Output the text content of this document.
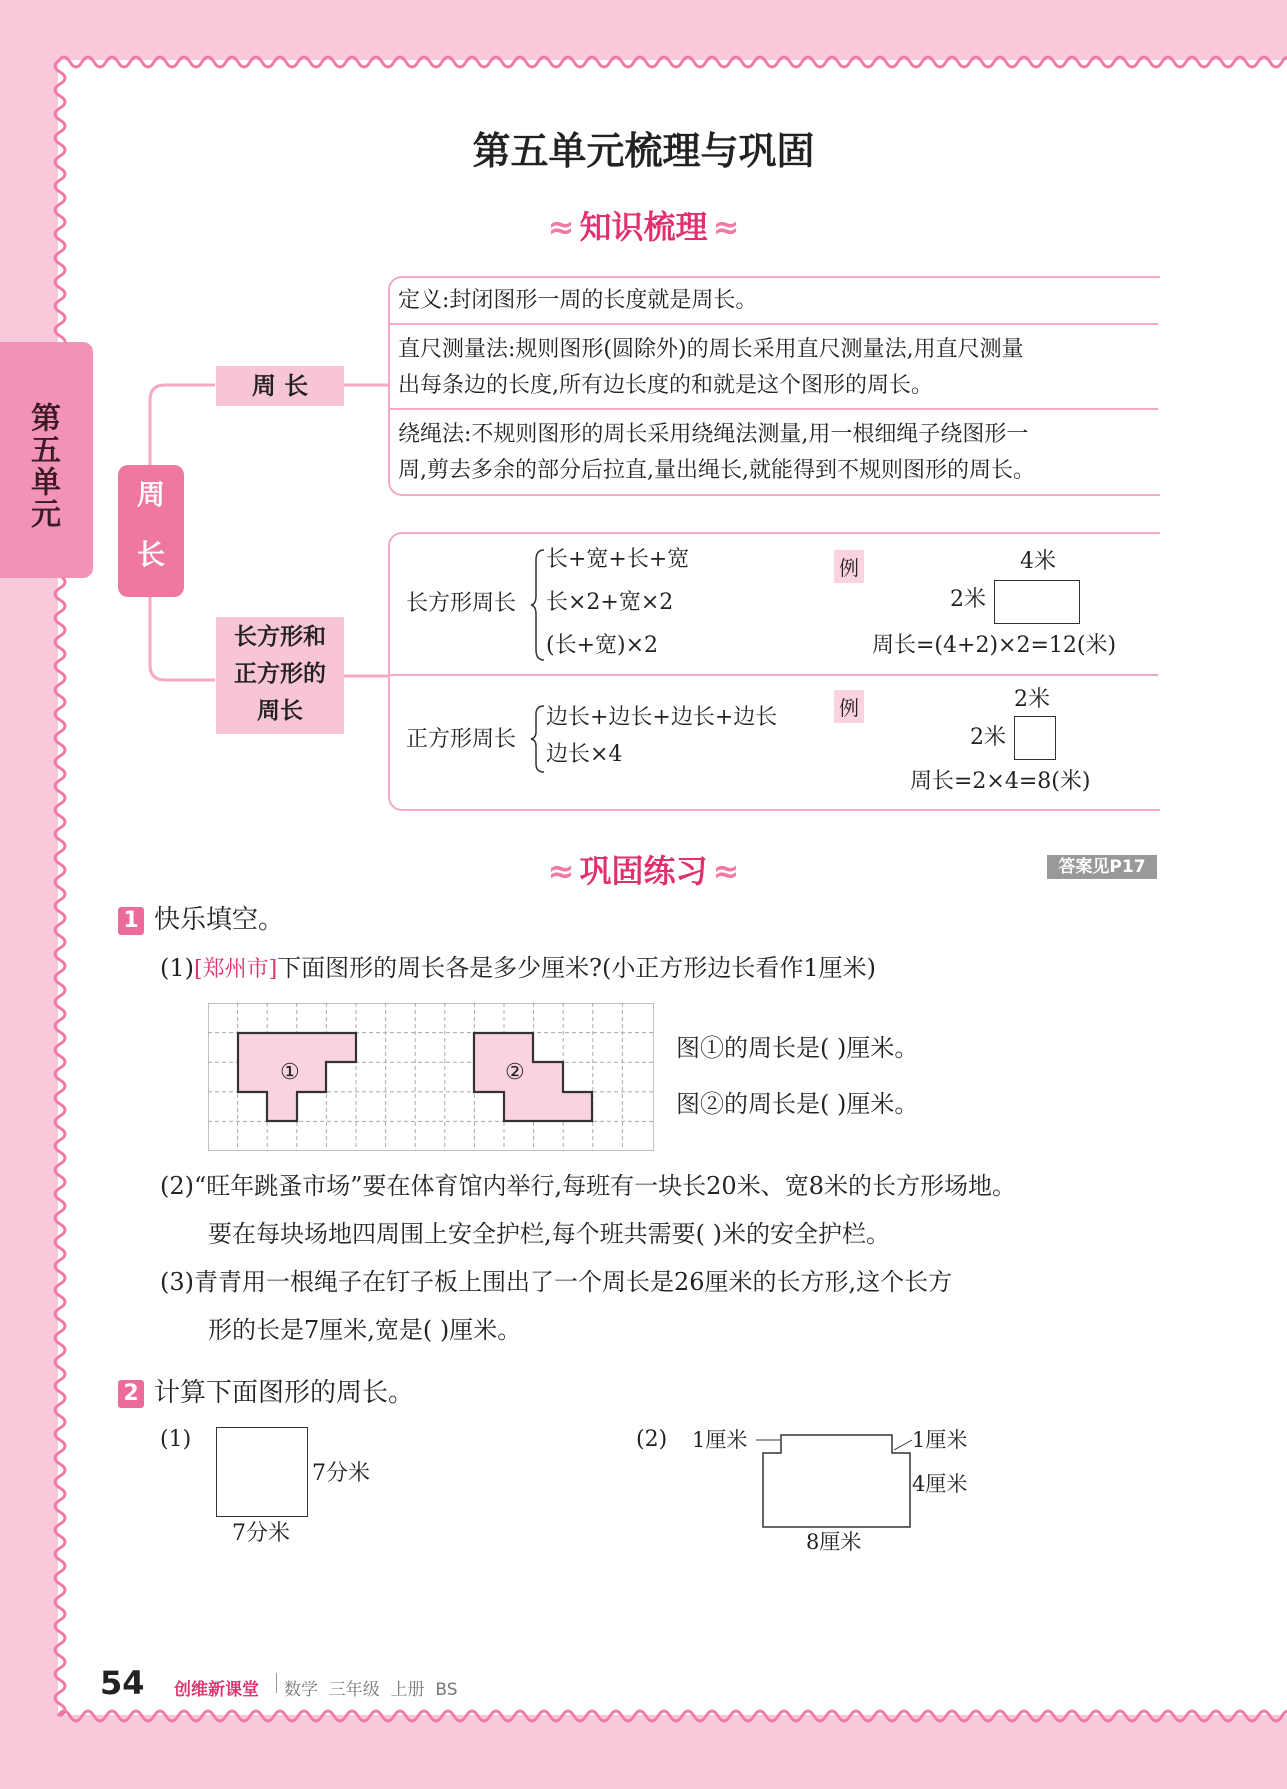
第五单元
第五单元梳理与巩固
≈ 知识梳理 ≈
周
长
周 长
长方形和
正方形的
周长
定义:封闭图形一周的长度就是周长。
直尺测量法:规则图形(圆除外)的周长采用直尺测量法,用直尺测量
出每条边的长度,所有边长度的和就是这个图形的周长。
绕绳法:不规则图形的周长采用绕绳法测量,用一根细绳子绕图形一
周,剪去多余的部分后拉直,量出绳长,就能得到不规则图形的周长。
长方形周长
长+宽+长+宽
长×2+宽×2
(长+宽)×2
例	4米
2米
周长=(4+2)×2=12(米)
正方形周长
边长+边长+边长+边长
边长×4
例	2米
2米
周长=2×4=8(米)
≈ 巩固练习 ≈	答案见P17
1 快乐填空。
(1)[郑州市]下面图形的周长各是多少厘米?(小正方形边长看作1厘米)
①	②
图①的周长是( )厘米。
图②的周长是( )厘米。
(2)“旺年跳蚤市场”要在体育馆内举行,每班有一块长20米、宽8米的长方形场地。
要在每块场地四周围上安全护栏,每个班共需要( )米的安全护栏。
(3)青青用一根绳子在钉子板上围出了一个周长是26厘米的长方形,这个长方
形的长是7厘米,宽是( )厘米。
2 计算下面图形的周长。
(1)
7分米
7分米
(2) 1厘米	1厘米
4厘米
8厘米
54 创维新课堂 数学  三年级  上册  BS
